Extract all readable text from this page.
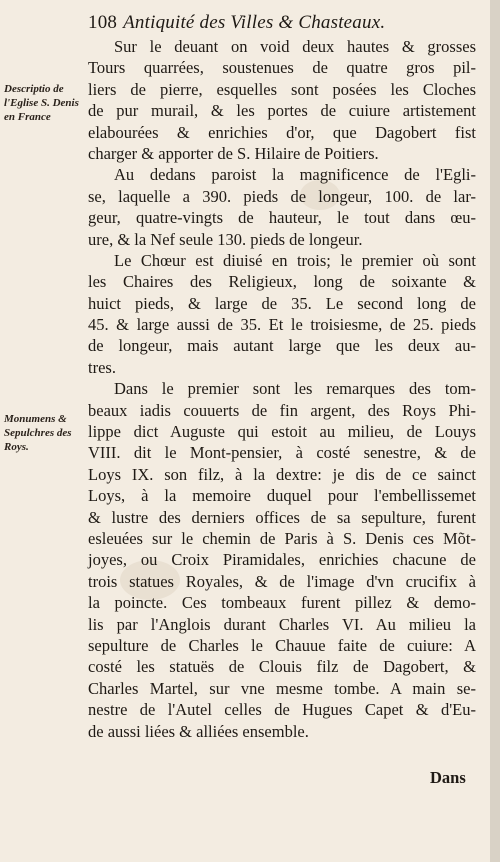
108 Antiquité des Villes & Chasteaux.
Descriptio de l'Eglise S. Denis en France
Monumens & Sepulchres des Roys.
Sur le deuant on void deux hautes & grosses
Tours quarrées, soustenues de quatre gros pil-
liers de pierre, esquelles sont posées les Cloches
de pur murail, & les portes de cuiure artistement
elabourées & enrichies d'or, que Dagobert fist
charger & apporter de S. Hilaire de Poitiers.
Au dedans paroist la magnificence de l'Egli-
se, laquelle a 390. pieds de longeur, 100. de lar-
geur, quatre-vingts de hauteur, le tout dans œu-
ure, & la Nef seule 130. pieds de longeur.
Le Chœur est diuisé en trois; le premier où sont
les Chaires des Religieux, long de soixante &
huict pieds, & large de 35. Le second long de
45. & large aussi de 35. Et le troisiesme, de 25. pieds
de longeur, mais autant large que les deux au-
tres.
Dans le premier sont les remarques des tom-
beaux iadis couuerts de fin argent, des Roys Phi-
lippe dict Auguste qui estoit au milieu, de Louys
VIII. dit le Mont-pensier, à costé senestre, & de
Loys IX. son filz, à la dextre: je dis de ce sainct
Loys, à la memoire duquel pour l'embellissemet
& lustre des derniers offices de sa sepulture, furent
esleuées sur le chemin de Paris à S. Denis ces Mõt-
joyes, ou Croix Piramidales, enrichies chacune de
trois statues Royales, & de l'image d'vn crucifix à
la poincte. Ces tombeaux furent pillez & demo-
lis par l'Anglois durant Charles VI. Au milieu la
sepulture de Charles le Chauue faite de cuiure: A
costé les statuës de Clouis filz de Dagobert, &
Charles Martel, sur vne mesme tombe. A main se-
nestre de l'Autel celles de Hugues Capet & d'Eu-
de aussi liées & alliées ensemble.
Dans
